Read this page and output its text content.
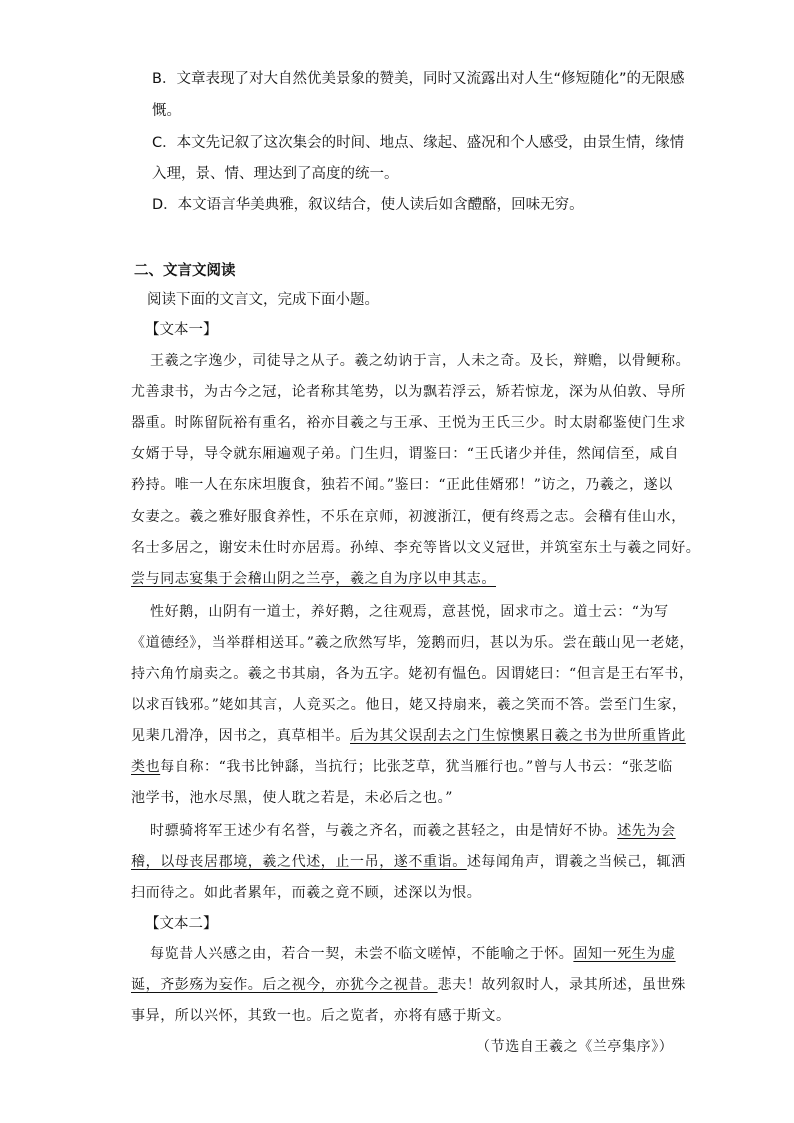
B．文章表现了对大自然优美景象的赞美，同时又流露出对人生“修短随化”的无限感
慨。
C．本文先记叙了这次集会的时间、地点、缘起、盛况和个人感受，由景生情，缘情
入理，景、情、理达到了高度的统一。
D．本文语言华美典雅，叙议结合，使人读后如含醴酪，回味无穷。
二、文言文阅读
阅读下面的文言文，完成下面小题。
【文本一】
王羲之字逸少，司徒导之从子。羲之幼讷于言，人未之奇。及长，辩赡，以骨鲠称。
尤善隶书，为古今之冠，论者称其笔势，以为飘若浮云，矫若惊龙，深为从伯敦、导所
器重。时陈留阮裕有重名，裕亦目羲之与王承、王悦为王氏三少。时太尉郗鉴使门生求
女婿于导，导令就东厢遍观子弟。门生归，谓鉴曰：“王氏诸少并佳，然闻信至，咸自
矜持。唯一人在东床坦腹食，独若不闻。”鉴曰：“正此佳婿邪！”访之，乃羲之，遂以
女妻之。羲之雅好服食养性，不乐在京师，初渡浙江，便有终焉之志。会稽有佳山水，
名士多居之，谢安未仕时亦居焉。孙绰、李充等皆以文义冠世，并筑室东土与羲之同好。
尝与同志宴集于会稽山阴之兰亭，羲之自为序以申其志。
性好鹅，山阴有一道士，养好鹅，之往观焉，意甚悦，固求市之。道士云：“为写
《道德经》，当举群相送耳。”羲之欣然写毕，笼鹅而归，甚以为乐。尝在蕺山见一老姥，
持六角竹扇卖之。羲之书其扇，各为五字。姥初有愠色。因谓姥曰：“但言是王右军书，
以求百钱邪。”姥如其言，人竞买之。他日，姥又持扇来，羲之笑而不答。尝至门生家，
见棐几滑净，因书之，真草相半。后为其父误刮去之门生惊懊累日羲之书为世所重皆此
类也每自称：“我书比钟繇，当抗行；比张芝草，犹当雁行也。”曾与人书云：“张芝临
池学书，池水尽黑，使人耽之若是，未必后之也。”
时骠骑将军王述少有名誉，与羲之齐名，而羲之甚轻之，由是情好不协。述先为会
稽，以母丧居郡境，羲之代述，止一吊，遂不重诣。述每闻角声，谓羲之当候己，辄洒
扫而待之。如此者累年，而羲之竟不顾，述深以为恨。
【文本二】
每览昔人兴感之由，若合一契，未尝不临文嗟悼，不能喻之于怀。固知一死生为虚
诞，齐彭殇为妄作。后之视今，亦犹今之视昔。悲夫！故列叙时人，录其所述，虽世殊
事异，所以兴怀，其致一也。后之览者，亦将有感于斯文。
（节选自王羲之《兰亭集序》）
